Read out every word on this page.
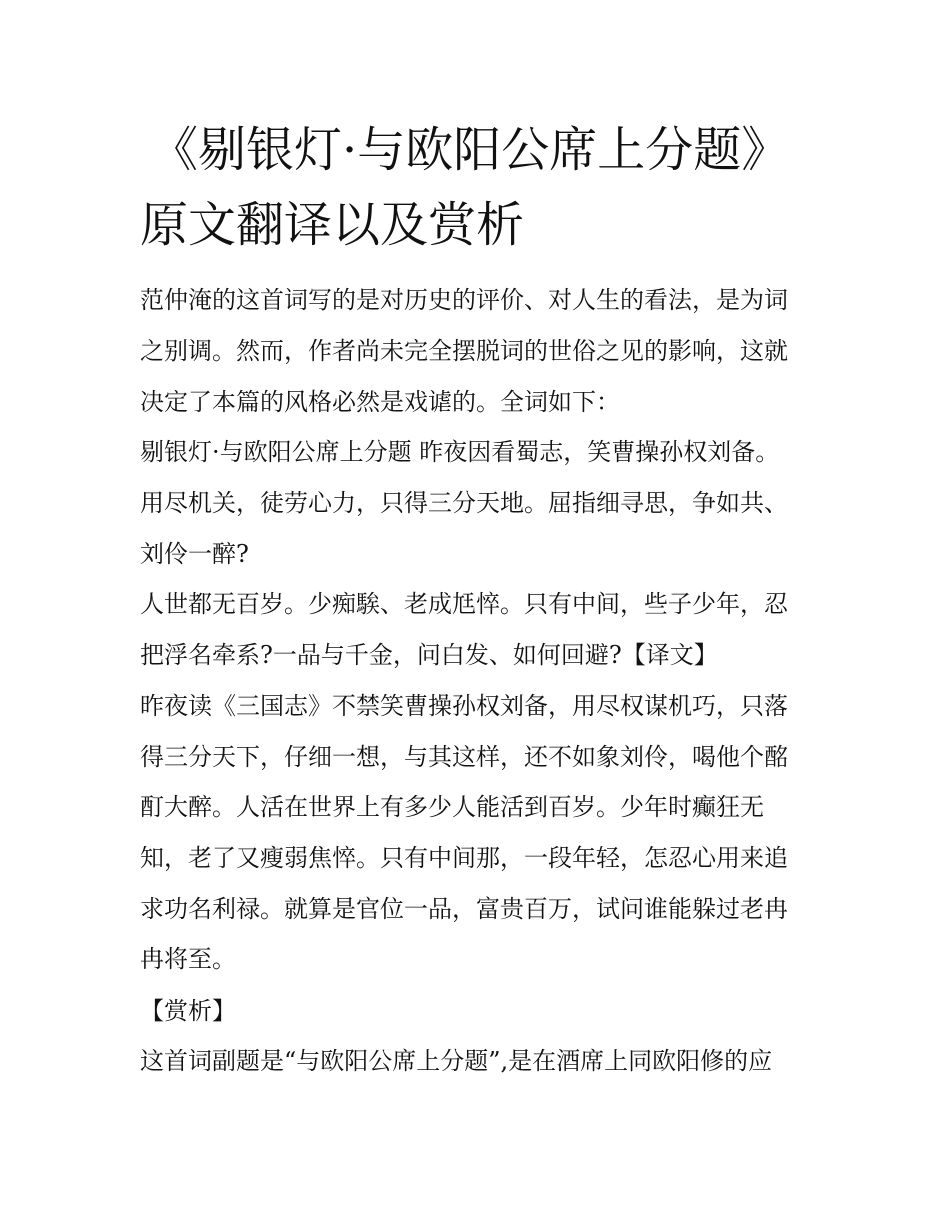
《剔银灯·与欧阳公席上分题》
原文翻译以及赏析

范仲淹的这首词写的是对历史的评价、对人生的看法，是为词

之别调。然而，作者尚未完全摆脱词的世俗之见的影响，这就

决定了本篇的风格必然是戏谑的。全词如下：

剔银灯·与欧阳公席上分题 昨夜因看蜀志，笑曹操孙权刘备。

用尽机关，徒劳心力，只得三分天地。屈指细寻思，争如共、

刘伶一醉?

人世都无百岁。少痴騃、老成尪悴。只有中间，些子少年，忍

把浮名牵系?一品与千金，问白发、如何回避?【译文】

昨夜读《三国志》不禁笑曹操孙权刘备，用尽权谋机巧，只落

得三分天下，仔细一想，与其这样，还不如象刘伶，喝他个酩

酊大醉。人活在世界上有多少人能活到百岁。少年时癫狂无

知，老了又瘦弱焦悴。只有中间那，一段年轻，怎忍心用来追

求功名利禄。就算是官位一品，富贵百万，试问谁能躲过老冉

冉将至。

【赏析】

这首词副题是“与欧阳公席上分题”,是在酒席上同欧阳修的应
